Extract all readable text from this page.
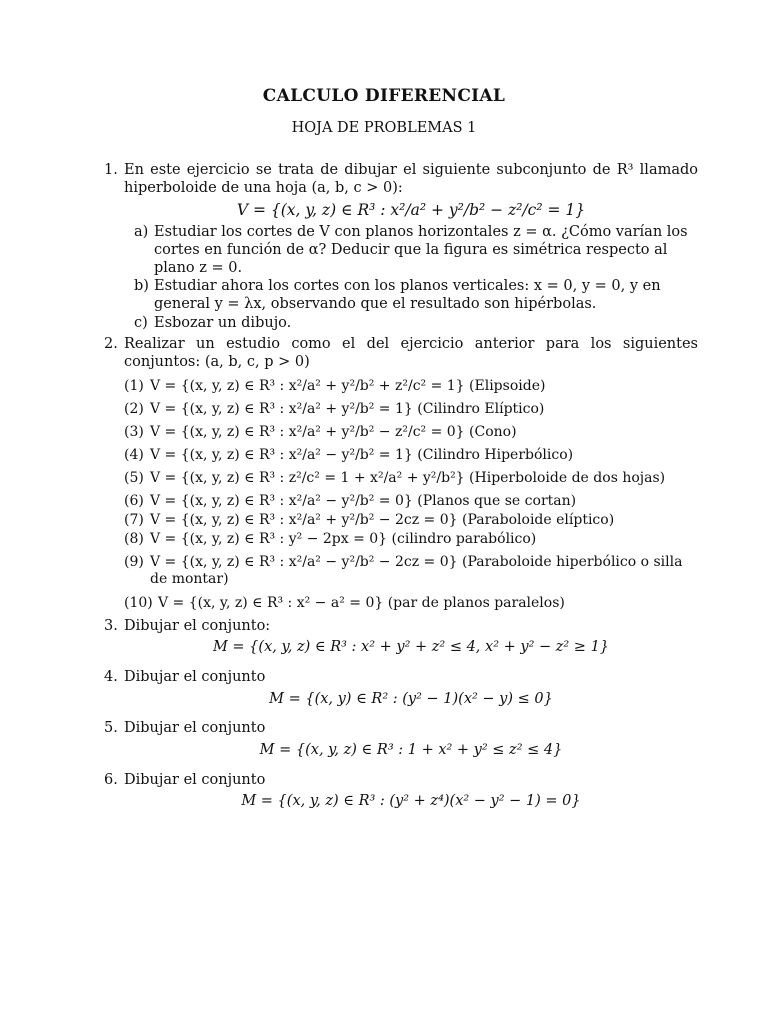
CALCULO DIFERENCIAL

HOJA DE PROBLEMAS 1

1. En este ejercicio se trata de dibujar el siguiente subconjunto de R³ llamado hiperboloide de una hoja (a, b, c > 0):
V = {(x, y, z) ∈ R³ : x²/a² + y²/b² − z²/c² = 1}
a) Estudiar los cortes de V con planos horizontales z = α. ¿Cómo varían los cortes en función de α? Deducir que la figura es simétrica respecto al plano z = 0.
b) Estudiar ahora los cortes con los planos verticales: x = 0, y = 0, y en general y = λx, observando que el resultado son hipérbolas.
c) Esbozar un dibujo.
2. Realizar un estudio como el del ejercicio anterior para los siguientes conjuntos: (a, b, c, p > 0)
(1) V = {(x, y, z) ∈ R³ : x²/a² + y²/b² + z²/c² = 1} (Elipsoide)
(2) V = {(x, y, z) ∈ R³ : x²/a² + y²/b² = 1} (Cilindro Elíptico)
(3) V = {(x, y, z) ∈ R³ : x²/a² + y²/b² − z²/c² = 0} (Cono)
(4) V = {(x, y, z) ∈ R³ : x²/a² − y²/b² = 1} (Cilindro Hiperbólico)
(5) V = {(x, y, z) ∈ R³ : z²/c² = 1 + x²/a² + y²/b²} (Hiperboloide de dos hojas)
(6) V = {(x, y, z) ∈ R³ : x²/a² − y²/b² = 0} (Planos que se cortan)
(7) V = {(x, y, z) ∈ R³ : x²/a² + y²/b² − 2cz = 0} (Paraboloide elíptico)
(8) V = {(x, y, z) ∈ R³ : y² − 2px = 0} (cilindro parabólico)
(9) V = {(x, y, z) ∈ R³ : x²/a² − y²/b² − 2cz = 0} (Paraboloide hiperbólico o silla de montar)
(10) V = {(x, y, z) ∈ R³ : x² − a² = 0} (par de planos paralelos)
3. Dibujar el conjunto:
M = {(x, y, z) ∈ R³ : x² + y² + z² ≤ 4, x² + y² − z² ≥ 1}
4. Dibujar el conjunto
M = {(x, y) ∈ R² : (y² − 1)(x² − y) ≤ 0}
5. Dibujar el conjunto
M = {(x, y, z) ∈ R³ : 1 + x² + y² ≤ z² ≤ 4}
6. Dibujar el conjunto
M = {(x, y, z) ∈ R³ : (y² + z⁴)(x² − y² − 1) = 0}
